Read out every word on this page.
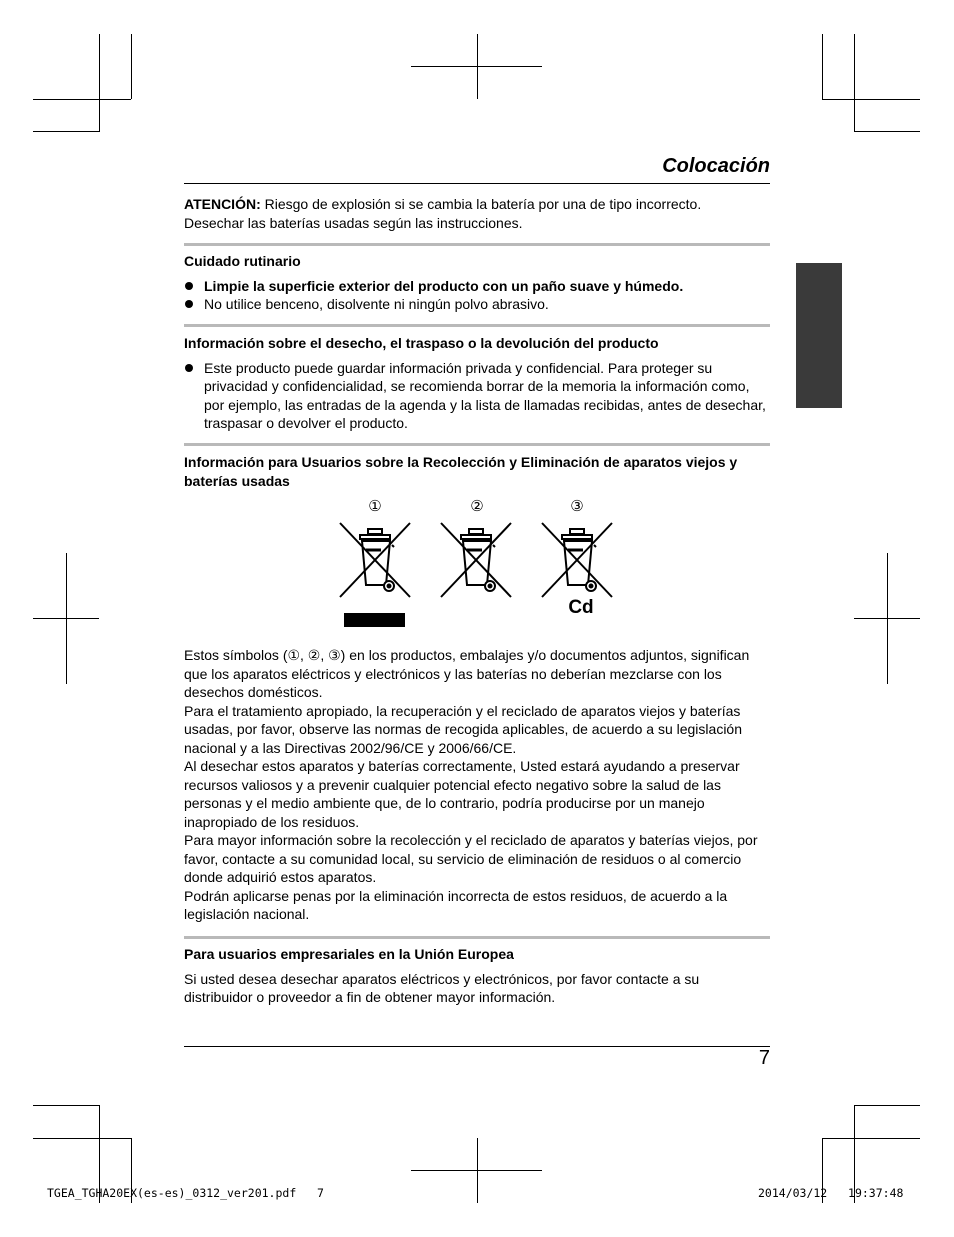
Colocación

ATENCIÓN: Riesgo de explosión si se cambia la batería por una de tipo incorrecto.

Desechar las baterías usadas según las instrucciones.

Cuidado rutinario
Limpie la superficie exterior del producto con un paño suave y húmedo.
No utilice benceno, disolvente ni ningún polvo abrasivo.
Información sobre el desecho, el traspaso o la devolución del producto
Este producto puede guardar información privada y confidencial. Para proteger su privacidad y confidencialidad, se recomienda borrar de la memoria la información como, por ejemplo, las entradas de la agenda y la lista de llamadas recibidas, antes de desechar, traspasar o devolver el producto.
Información para Usuarios sobre la Recolección y Eliminación de aparatos viejos y baterías usadas
①	②	③
Cd

Estos símbolos (①, ②, ③) en los productos, embalajes y/o documentos adjuntos, significan que los aparatos eléctricos y electrónicos y las baterías no deberían mezclarse con los desechos domésticos.

Para el tratamiento apropiado, la recuperación y el reciclado de aparatos viejos y baterías usadas, por favor, observe las normas de recogida aplicables, de acuerdo a su legislación nacional y a las Directivas 2002/96/CE y 2006/66/CE.

Al desechar estos aparatos y baterías correctamente, Usted estará ayudando a preservar recursos valiosos y a prevenir cualquier potencial efecto negativo sobre la salud de las personas y el medio ambiente que, de lo contrario, podría producirse por un manejo inapropiado de los residuos.

Para mayor información sobre la recolección y el reciclado de aparatos y baterías viejos, por favor, contacte a su comunidad local, su servicio de eliminación de residuos o al comercio donde adquirió estos aparatos.

Podrán aplicarse penas por la eliminación incorrecta de estos residuos, de acuerdo a la legislación nacional.

Para usuarios empresariales en la Unión Europea

Si usted desea desechar aparatos eléctricos y electrónicos, por favor contacte a su distribuidor o proveedor a fin de obtener mayor información.

7
TGEA_TGHA20EX(es-es)_0312_ver201.pdf 7	2014/03/12 19:37:48
